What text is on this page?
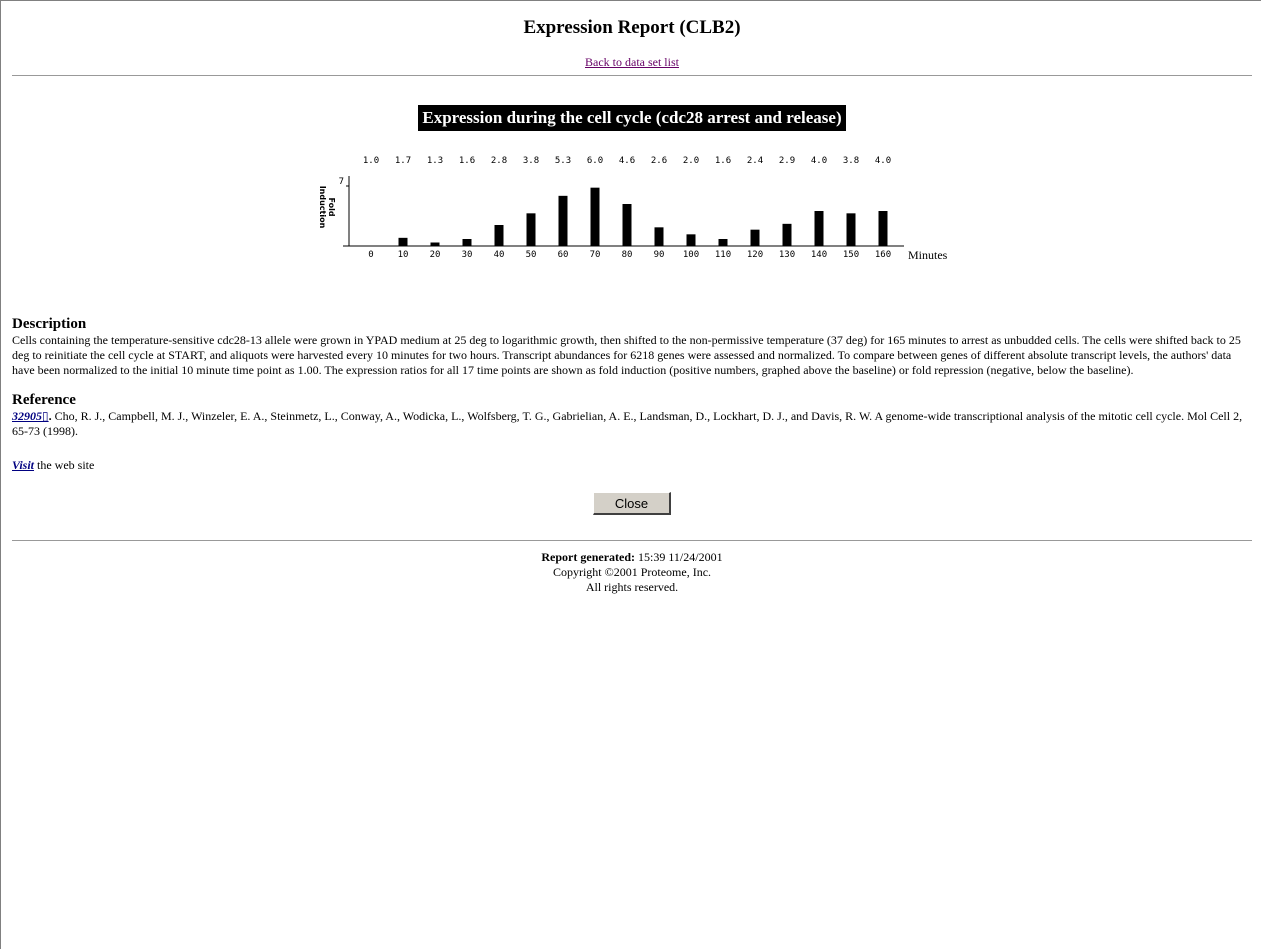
Expression Report (CLB2)
Back to data set list
Expression during the cell cycle (cdc28 arrest and release)
7
Fold
Induction
1.0
0
1.7
10
1.3
20
1.6
30
2.8
40
3.8
50
5.3
60
6.0
70
4.6
80
2.6
90
2.0
100
1.6
110
2.4
120
2.9
130
4.0
140
3.8
150
4.0
160 Minutes
Description

Cells containing the temperature-sensitive cdc28-13 allele were grown in YPAD medium at 25 deg to logarithmic growth, then shifted to the non-permissive temperature (37 deg) for 165 minutes to arrest as unbudded cells. The cells were shifted back to 25 deg to reinitiate the cell cycle at START, and aliquots were harvested every 10 minutes for two hours. Transcript abundances for 6218 genes were assessed and normalized. To compare between genes of different absolute transcript levels, the authors' data have been normalized to the initial 10 minute time point as 1.00. The expression ratios for all 17 time points are shown as fold induction (positive numbers, graphed above the baseline) or fold repression (negative, below the baseline).

Reference

32905▯. Cho, R. J., Campbell, M. J., Winzeler, E. A., Steinmetz, L., Conway, A., Wodicka, L., Wolfsberg, T. G., Gabrielian, A. E., Landsman, D., Lockhart, D. J., and Davis, R. W. A genome-wide transcriptional analysis of the mitotic cell cycle. Mol Cell 2, 65-73 (1998).

Visit the web site
Close
Report generated: 15:39 11/24/2001
Copyright ©2001 Proteome, Inc.
All rights reserved.
